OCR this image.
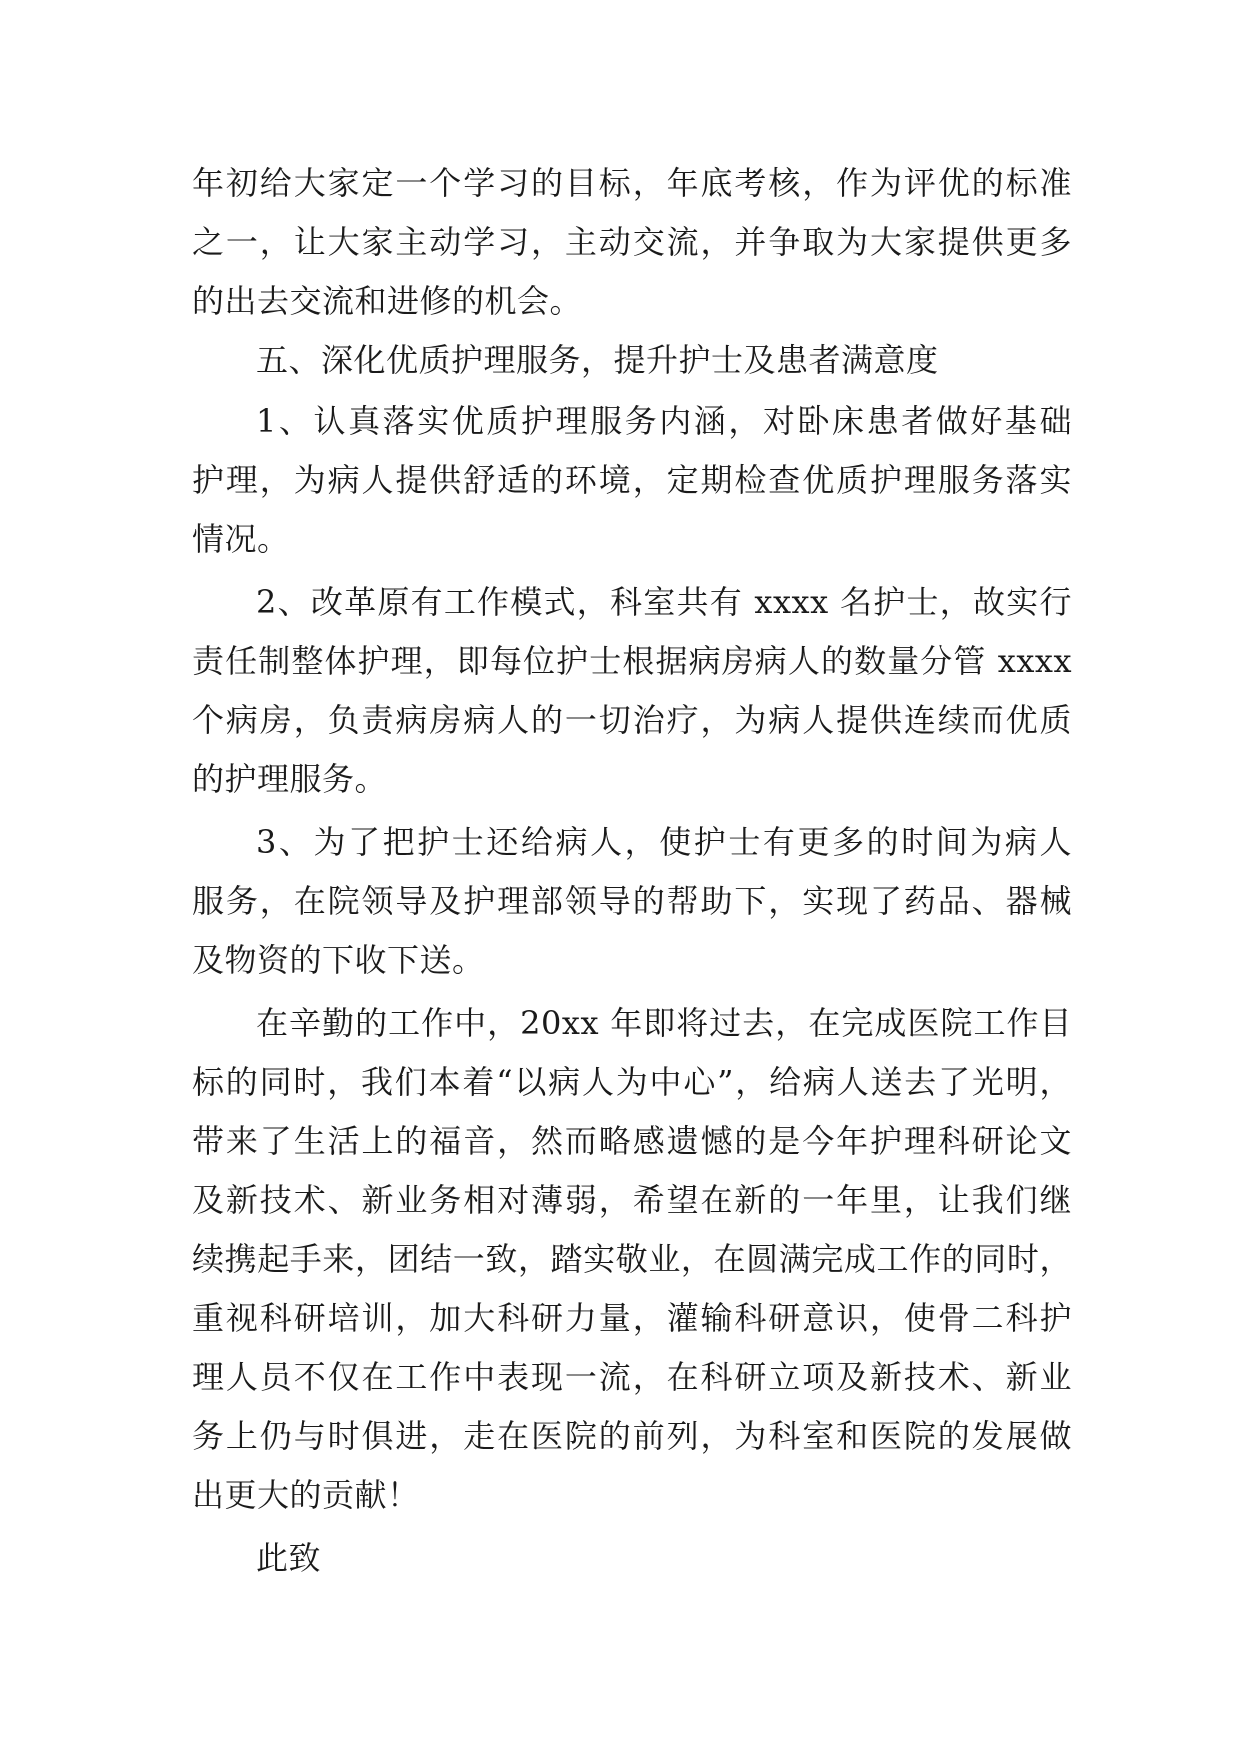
年初给大家定一个学习的目标，年底考核，作为评优的标准
之一，让大家主动学习，主动交流，并争取为大家提供更多
的出去交流和进修的机会。
五、深化优质护理服务，提升护士及患者满意度
1、认真落实优质护理服务内涵，对卧床患者做好基础
护理，为病人提供舒适的环境，定期检查优质护理服务落实
情况。
2、改革原有工作模式，科室共有 xxxx 名护士，故实行
责任制整体护理，即每位护士根据病房病人的数量分管 xxxx
个病房，负责病房病人的一切治疗，为病人提供连续而优质
的护理服务。
3、为了把护士还给病人，使护士有更多的时间为病人
服务，在院领导及护理部领导的帮助下，实现了药品、器械
及物资的下收下送。
在辛勤的工作中，20xx 年即将过去，在完成医院工作目
标的同时，我们本着“以病人为中心”，给病人送去了光明，
带来了生活上的福音，然而略感遗憾的是今年护理科研论文
及新技术、新业务相对薄弱，希望在新的一年里，让我们继
续携起手来，团结一致，踏实敬业，在圆满完成工作的同时，
重视科研培训，加大科研力量，灌输科研意识，使骨二科护
理人员不仅在工作中表现一流，在科研立项及新技术、新业
务上仍与时俱进，走在医院的前列，为科室和医院的发展做
出更大的贡献！
此致
